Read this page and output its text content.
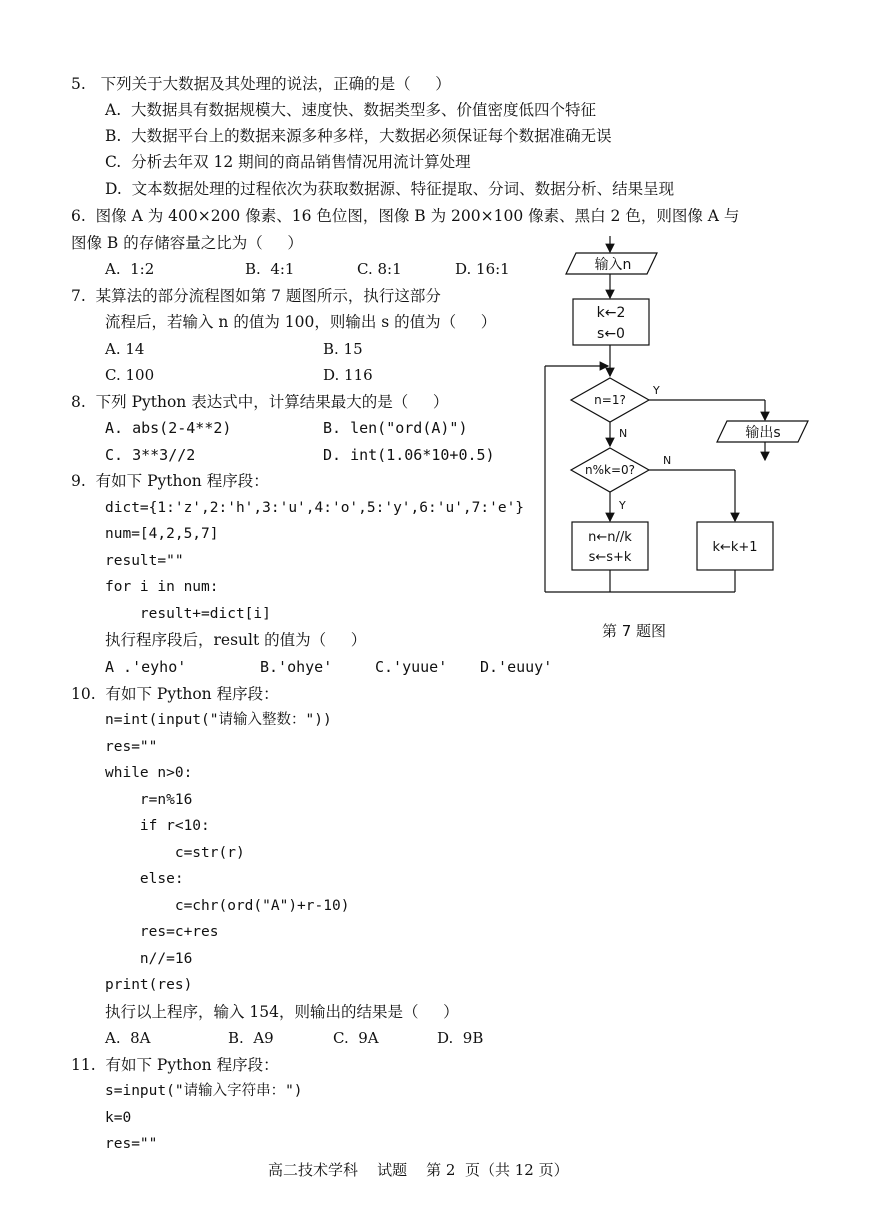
5.   下列关于大数据及其处理的说法，正确的是（     ）
A.  大数据具有数据规模大、速度快、数据类型多、价值密度低四个特征
B.  大数据平台上的数据来源多种多样，大数据必须保证每个数据准确无误
C.  分析去年双 12 期间的商品销售情况用流计算处理
D.  文本数据处理的过程依次为获取数据源、特征提取、分词、数据分析、结果呈现
6.  图像 A 为 400×200 像素、16 色位图，图像 B 为 200×100 像素、黑白 2 色，则图像 A 与
图像 B 的存储容量之比为（     ）
A.  1:2	B.  4:1	C. 8:1	D. 16:1
7.  某算法的部分流程图如第 7 题图所示，执行这部分
流程后，若输入 n 的值为 100，则输出 s 的值为（     ）
A. 14	B. 15
C. 100	D. 116
8.  下列 Python 表达式中，计算结果最大的是（     ）
A. abs(2-4**2)	B. len("ord(A)")
C. 3**3//2	D. int(1.06*10+0.5)
9.  有如下 Python 程序段：
dict={1:'z',2:'h',3:'u',4:'o',5:'y',6:'u',7:'e'}
num=[4,2,5,7]
result=""
for i in num:
result+=dict[i]
执行程序段后，result 的值为（     ）
A .'eyho'	B.'ohye'	C.'yuue' D.'euuy'
10.  有如下 Python 程序段：
n=int(input("请输入整数："))
res=""
while n>0:
r=n%16
if r<10:
c=str(r)
else:
c=chr(ord("A")+r-10)
res=c+res
n//=16
print(res)
执行以上程序，输入 154，则输出的结果是（     ）
A.  8A	B.  A9	C.  9A	D.  9B
11.  有如下 Python 程序段：
s=input("请输入字符串：")
k=0
res=""
高二技术学科    试题    第 2  页（共 12 页）
输入n
k←2
s←0
n=1?
Y
N	输出s
n%k=0?
N
Y
n←n//k
s←s+k
k←k+1
第 7 题图
